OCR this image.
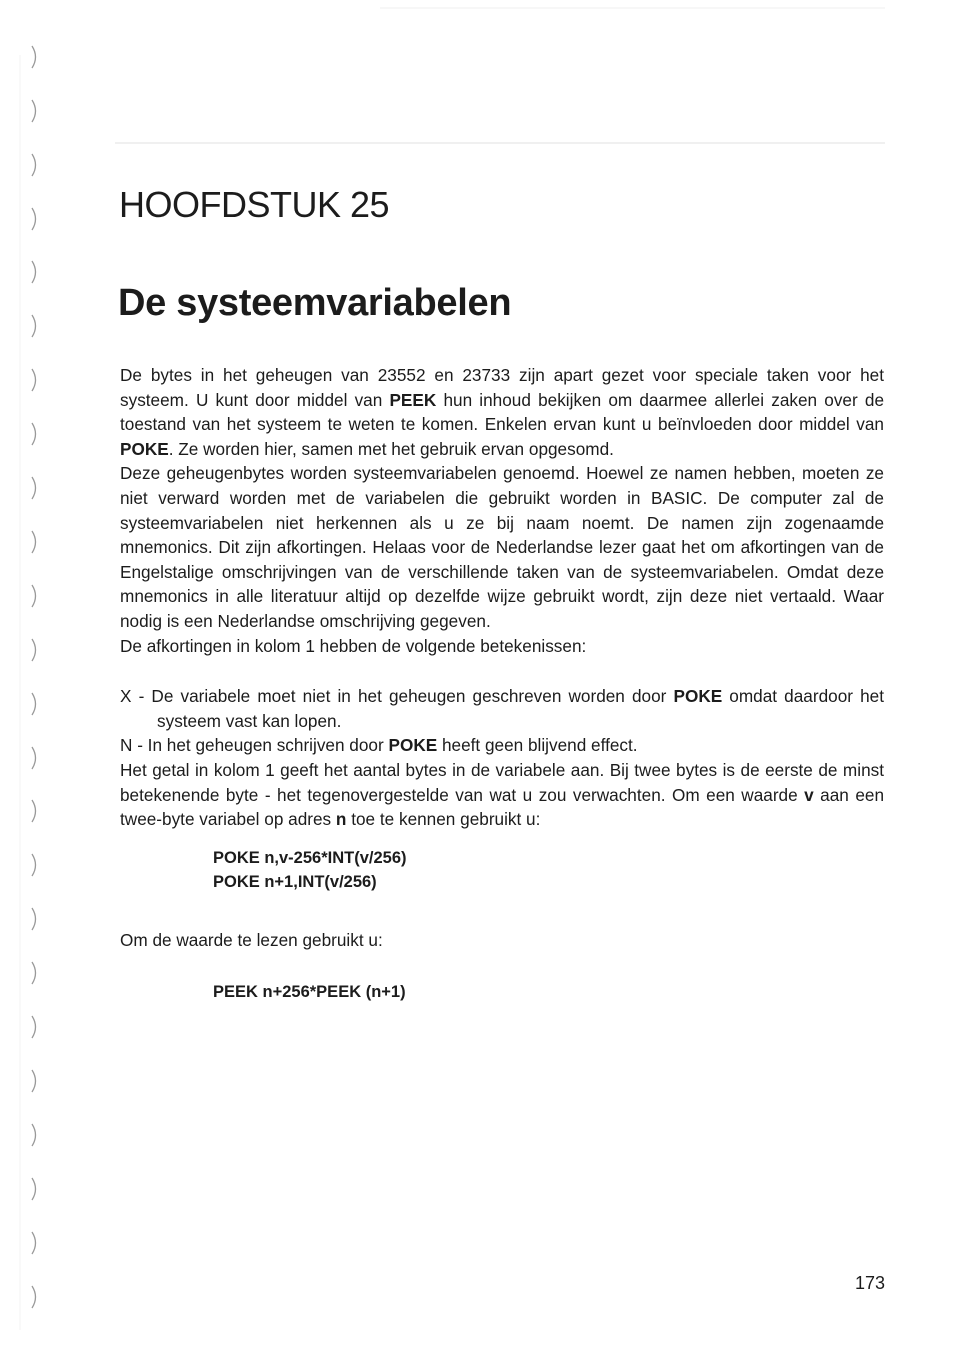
HOOFDSTUK 25
De systeemvariabelen

De bytes in het geheugen van 23552 en 23733 zijn apart gezet voor speciale taken voor het systeem. U kunt door middel van PEEK hun inhoud bekijken om daarmee allerlei zaken over de toestand van het systeem te weten te komen. Enkelen ervan kunt u beïnvloeden door middel van POKE. Ze worden hier, samen met het gebruik ervan opgesomd.

Deze geheugenbytes worden systeemvariabelen genoemd. Hoewel ze namen hebben, moeten ze niet verward worden met de variabelen die gebruikt worden in BASIC. De computer zal de systeemvariabelen niet herkennen als u ze bij naam noemt. De namen zijn zogenaamde mnemonics. Dit zijn afkortingen. Helaas voor de Nederlandse lezer gaat het om afkortingen van de Engelstalige omschrijvingen van de verschillende taken van de systeemvariabelen. Omdat deze mnemonics in alle literatuur altijd op dezelfde wijze gebruikt wordt, zijn deze niet vertaald. Waar nodig is een Nederlandse omschrijving gegeven.

De afkortingen in kolom 1 hebben de volgende betekenissen:

X - De variabele moet niet in het geheugen geschreven worden door POKE omdat daardoor het systeem vast kan lopen.

N - In het geheugen schrijven door POKE heeft geen blijvend effect.

Het getal in kolom 1 geeft het aantal bytes in de variabele aan. Bij twee bytes is de eerste de minst betekenende byte - het tegenovergestelde van wat u zou verwachten. Om een waarde v aan een twee-byte variabel op adres n toe te kennen gebruikt u:

POKE n,v-256*INT(v/256)
POKE n+1,INT(v/256)

Om de waarde te lezen gebruikt u:

PEEK n+256*PEEK (n+1)
173
